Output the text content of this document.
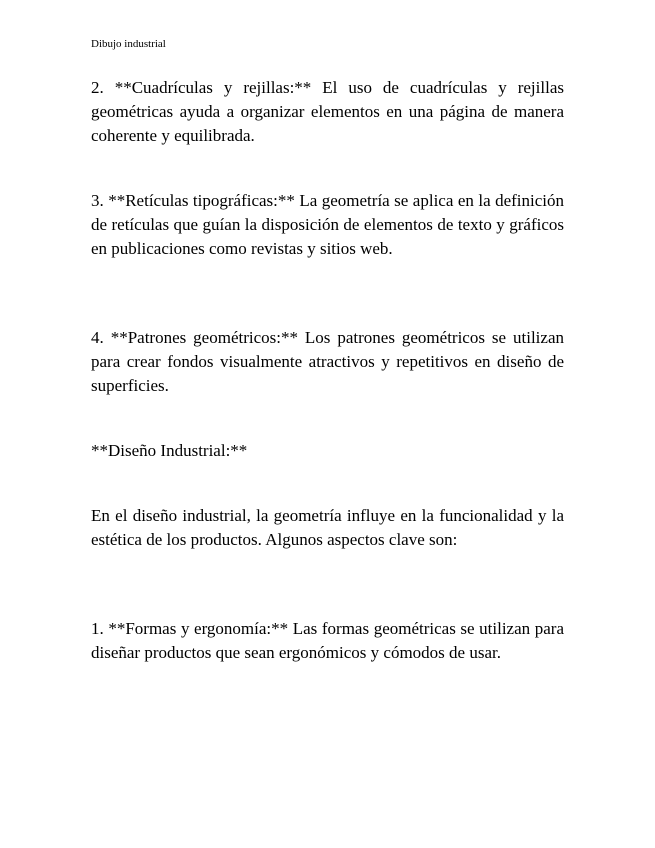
Dibujo industrial

2. **Cuadrículas y rejillas:** El uso de cuadrículas y rejillas geométricas ayuda a organizar elementos en una página de manera coherente y equilibrada.

3. **Retículas tipográficas:** La geometría se aplica en la definición de retículas que guían la disposición de elementos de texto y gráficos en publicaciones como revistas y sitios web.

4. **Patrones geométricos:** Los patrones geométricos se utilizan para crear fondos visualmente atractivos y repetitivos en diseño de superficies.

**Diseño Industrial:**

En el diseño industrial, la geometría influye en la funcionalidad y la estética de los productos. Algunos aspectos clave son:

1. **Formas y ergonomía:** Las formas geométricas se utilizan para diseñar productos que sean ergonómicos y cómodos de usar.
